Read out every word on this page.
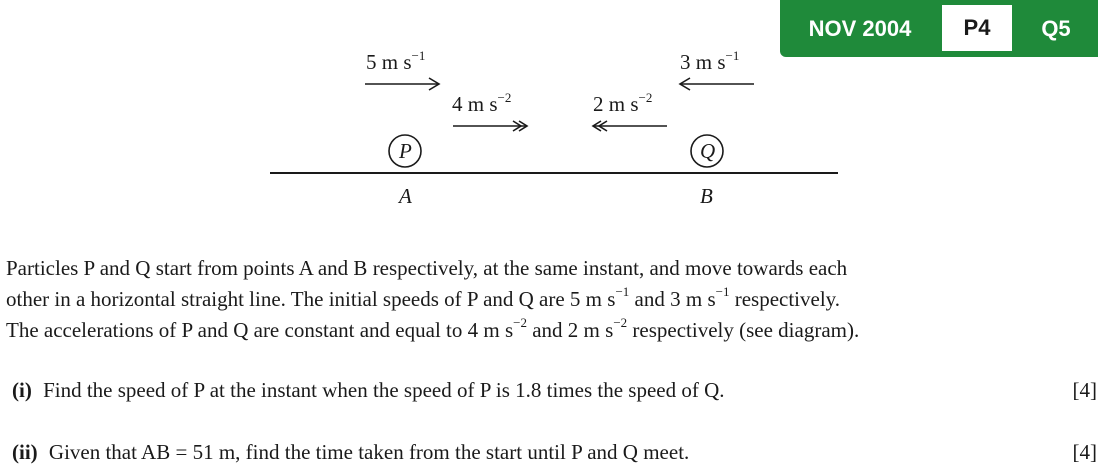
NOV 2004	P4	Q5
5 m $s^{-1}$
4 m $s^{-2}$	2 m $s^{-2}$
3 m $s^{-1}$
P	Q
A	B
Particles P and Q start from points A and B respectively, at the same instant, and move towards each
other in a horizontal straight line. The initial speeds of P and Q are 5 m $s^{-1}$ and 3 m $s^{-1}$ respectively.
The accelerations of P and Q are constant and equal to 4 m $s^{-2}$ and 2 m $s^{-2}$ respectively (see diagram).
(i) Find the speed of P at the instant when the speed of P is 1.8 times the speed of Q.	[4]
(ii) Given that AB = 51 m, find the time taken from the start until P and Q meet.	[4]
